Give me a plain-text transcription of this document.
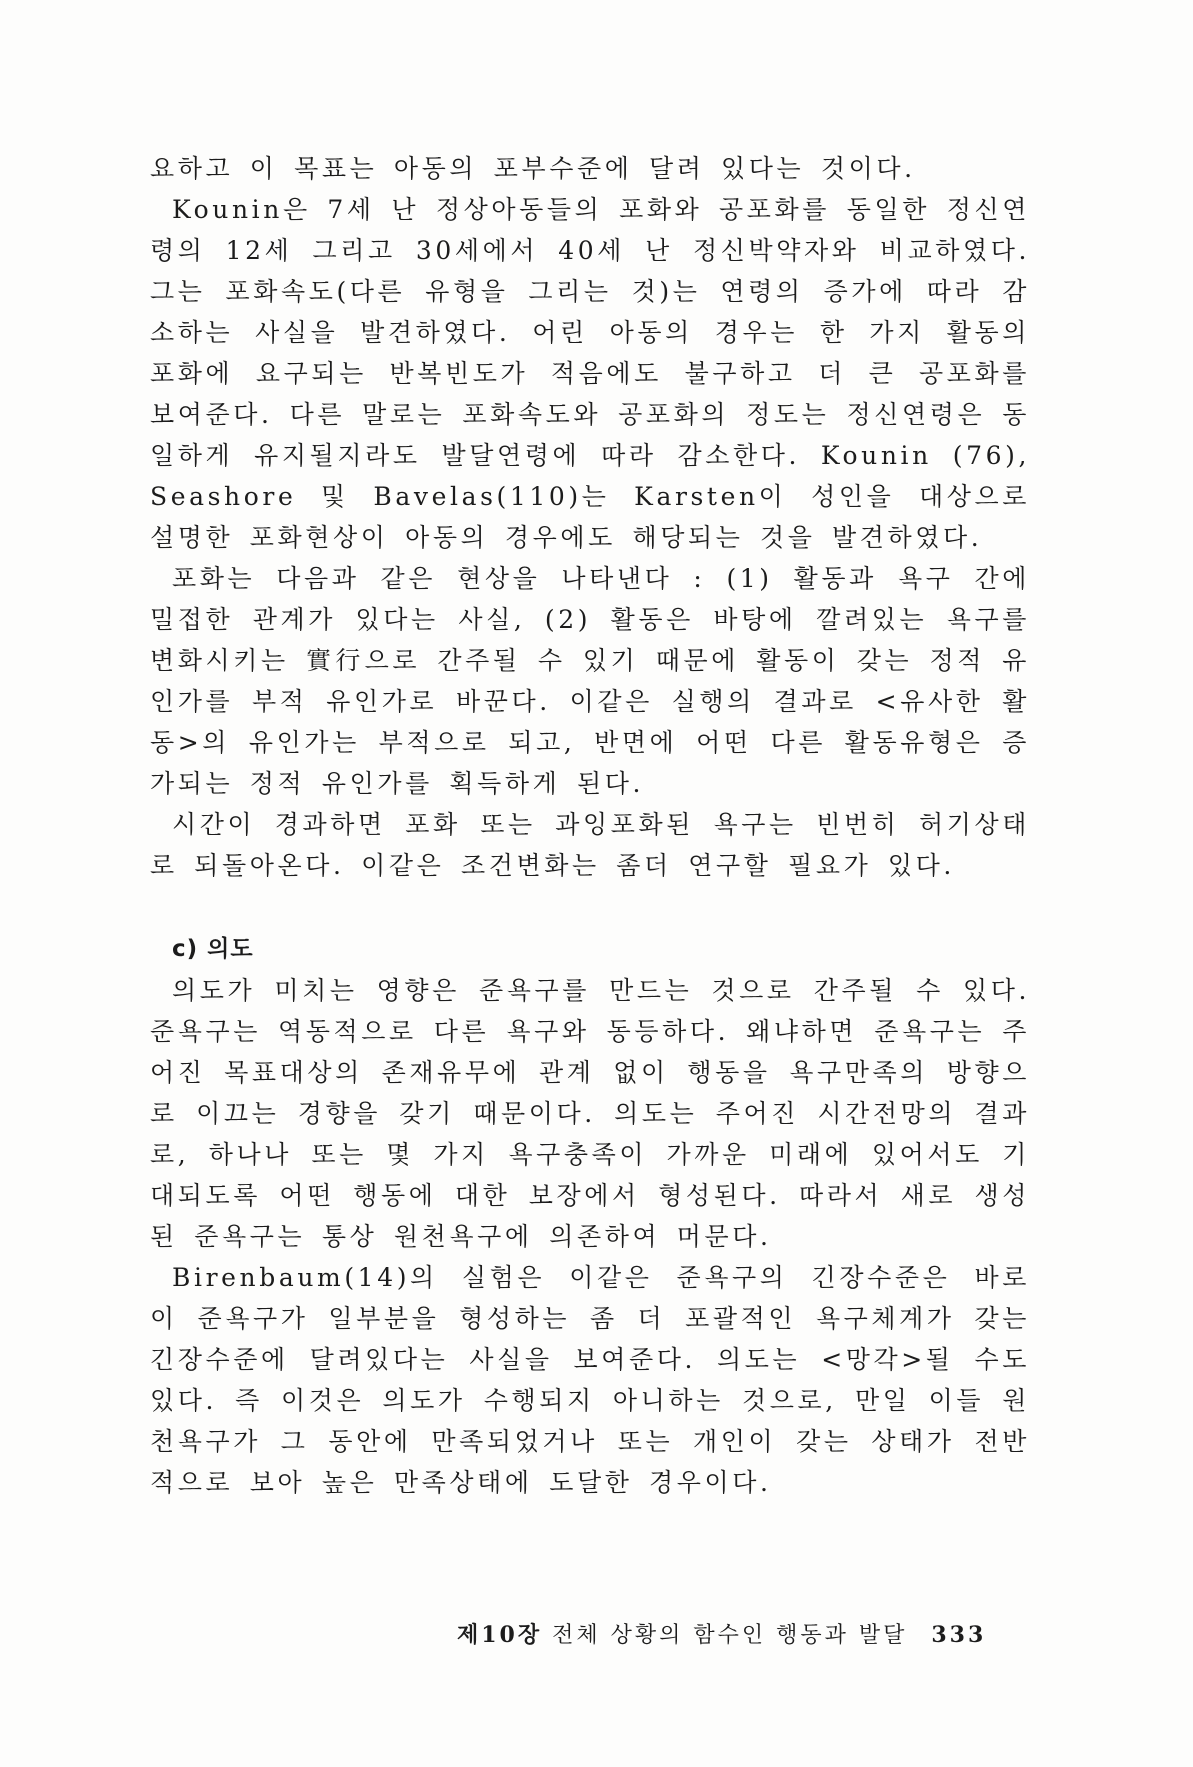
요하고 이 목표는 아동의 포부수준에 달려 있다는 것이다.

Kounin은 7세 난 정상아동들의 포화와 공포화를 동일한 정신연령의 12세 그리고 30세에서 40세 난 정신박약자와 비교하였다. 그는 포화속도(다른 유형을 그리는 것)는 연령의 증가에 따라 감소하는 사실을 발견하였다. 어린 아동의 경우는 한 가지 활동의 포화에 요구되는 반복빈도가 적음에도 불구하고 더 큰 공포화를 보여준다. 다른 말로는 포화속도와 공포화의 정도는 정신연령은 동일하게 유지될지라도 발달연령에 따라 감소한다. Kounin (76), Seashore 및 Bavelas(110)는 Karsten이 성인을 대상으로 설명한 포화현상이 아동의 경우에도 해당되는 것을 발견하였다.

포화는 다음과 같은 현상을 나타낸다 : (1) 활동과 욕구 간에 밀접한 관계가 있다는 사실, (2) 활동은 바탕에 깔려있는 욕구를 변화시키는 實行으로 간주될 수 있기 때문에 활동이 갖는 정적 유인가를 부적 유인가로 바꾼다. 이같은 실행의 결과로 <유사한 활동>의 유인가는 부적으로 되고, 반면에 어떤 다른 활동유형은 증가되는 정적 유인가를 획득하게 된다.

시간이 경과하면 포화 또는 과잉포화된 욕구는 빈번히 허기상태로 되돌아온다. 이같은 조건변화는 좀더 연구할 필요가 있다.

c) 의도

의도가 미치는 영향은 준욕구를 만드는 것으로 간주될 수 있다. 준욕구는 역동적으로 다른 욕구와 동등하다. 왜냐하면 준욕구는 주어진 목표대상의 존재유무에 관계 없이 행동을 욕구만족의 방향으로 이끄는 경향을 갖기 때문이다. 의도는 주어진 시간전망의 결과로, 하나나 또는 몇 가지 욕구충족이 가까운 미래에 있어서도 기대되도록 어떤 행동에 대한 보장에서 형성된다. 따라서 새로 생성된 준욕구는 통상 원천욕구에 의존하여 머문다.

Birenbaum(14)의 실험은 이같은 준욕구의 긴장수준은 바로 이 준욕구가 일부분을 형성하는 좀 더 포괄적인 욕구체계가 갖는 긴장수준에 달려있다는 사실을 보여준다. 의도는 <망각>될 수도 있다. 즉 이것은 의도가 수행되지 아니하는 것으로, 만일 이들 원천욕구가 그 동안에 만족되었거나 또는 개인이 갖는 상태가 전반적으로 보아 높은 만족상태에 도달한 경우이다.

제10장 전체 상황의 함수인 행동과 발달 333
